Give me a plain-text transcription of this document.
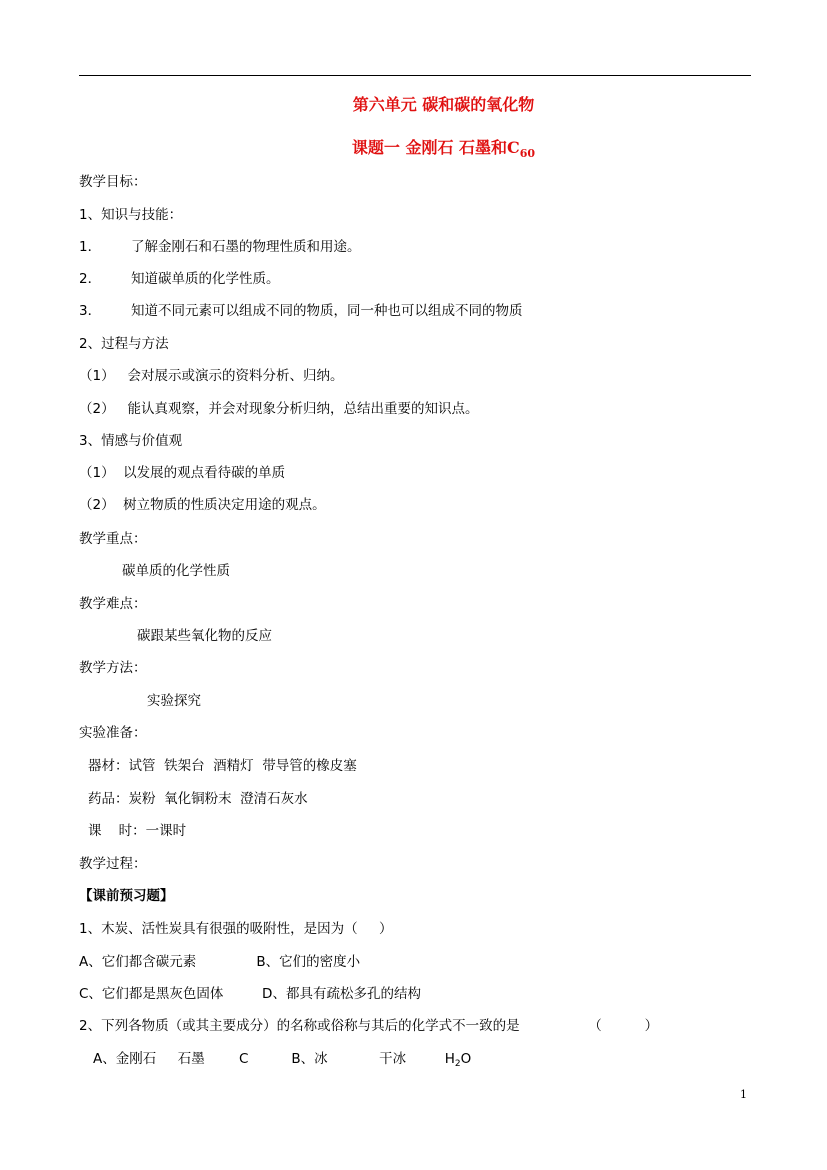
第六单元 碳和碳的氧化物
课题一 金刚石 石墨和$C_{60}$
教学目标：
1、知识与技能：
1． 了解金刚石和石墨的物理性质和用途。
2． 知道碳单质的化学性质。
3． 知道不同元素可以组成不同的物质，同一种也可以组成不同的物质
2、过程与方法
（1）   会对展示或演示的资料分析、归纳。
（2）   能认真观察，并会对现象分析归纳，总结出重要的知识点。
3、情感与价值观
（1）  以发展的观点看待碳的单质
（2）  树立物质的性质决定用途的观点。
教学重点：
碳单质的化学性质
教学难点：
碳跟某些氧化物的反应
教学方法：
实验探究
实验准备：
器材：试管  铁架台  酒精灯  带导管的橡皮塞
药品：炭粉  氧化铜粉末  澄清石灰水
课    时：一课时
教学过程：
【课前预习题】
1、木炭、活性炭具有很强的吸附性，是因为（     ）
A、它们都含碳元素              B、它们的密度小
C、它们都是黑灰色固体         D、都具有疏松多孔的结构
2、下列各物质（或其主要成分）的名称或俗称与其后的化学式不一致的是                （          ）
A、金刚石     石墨        C          B、冰            干冰         $H_2O$
1
